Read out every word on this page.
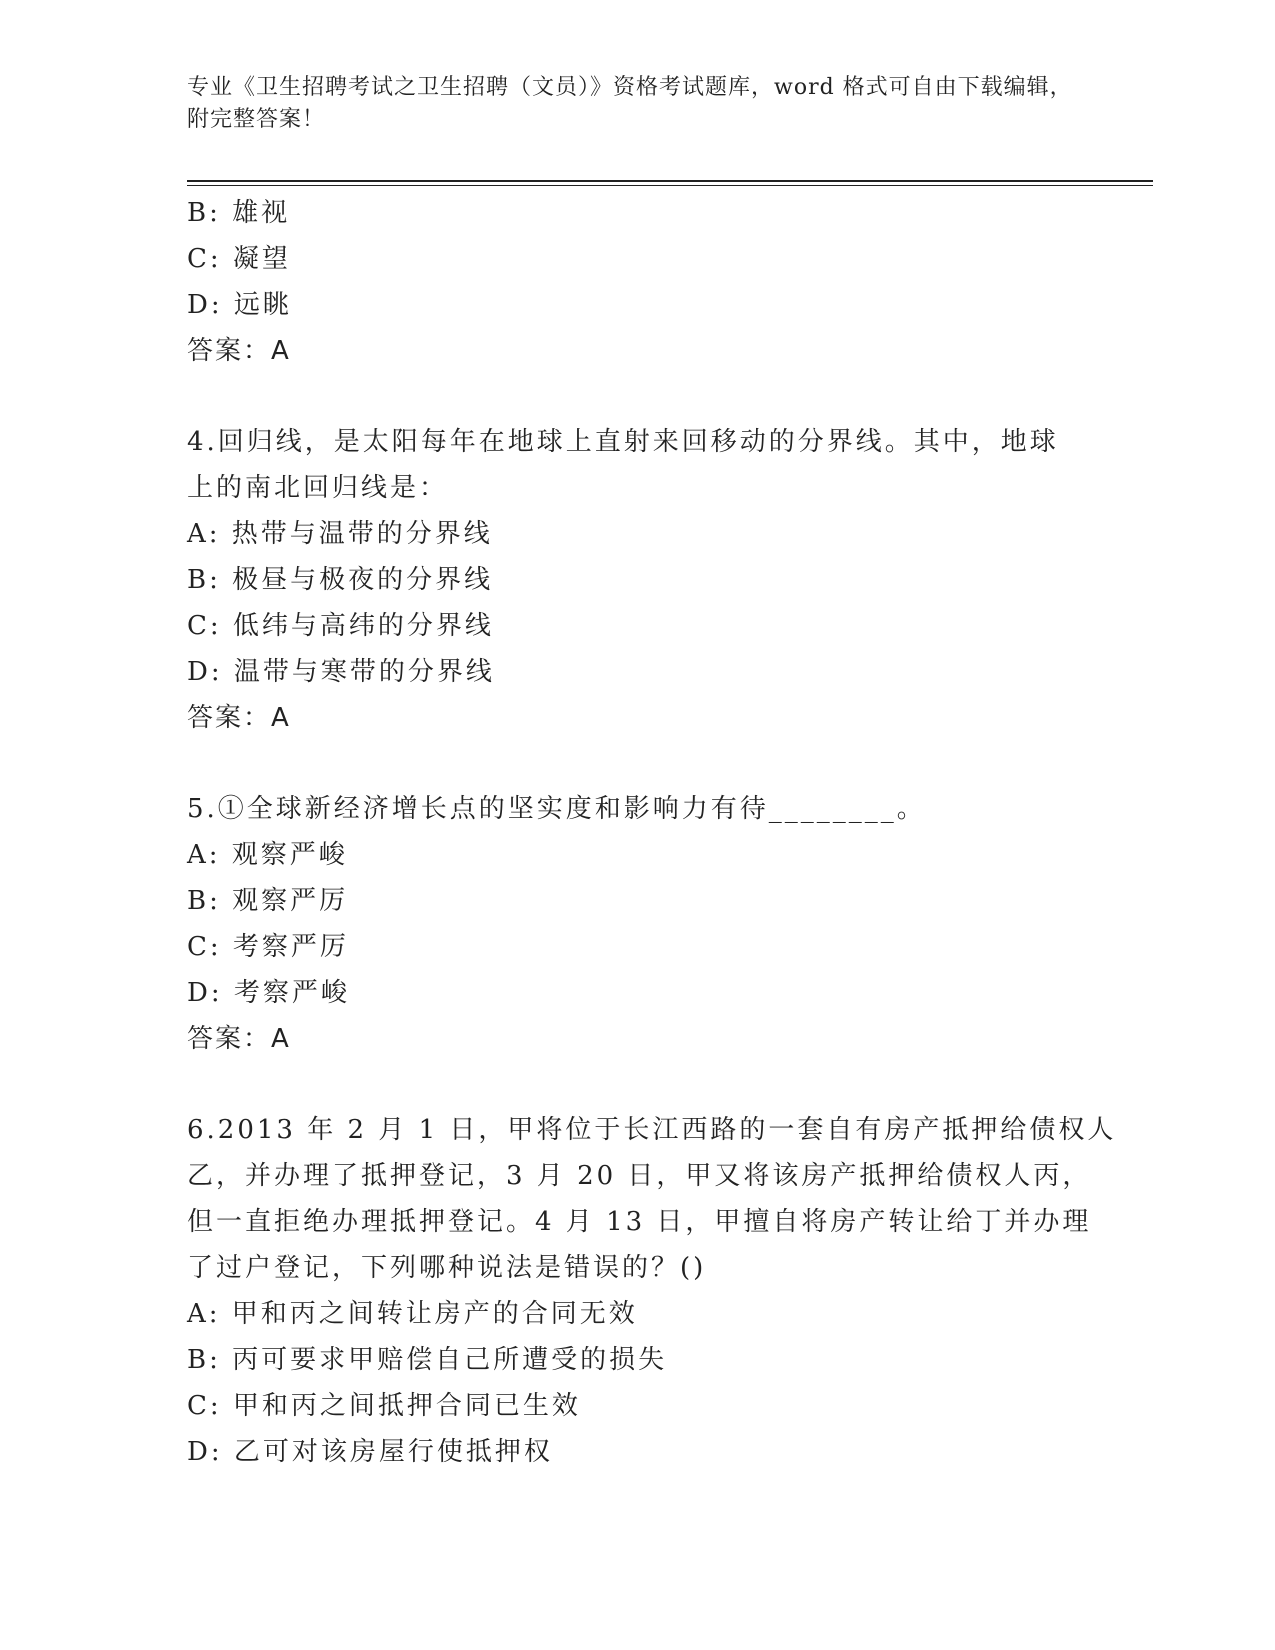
专业《卫生招聘考试之卫生招聘（文员）》资格考试题库，word 格式可自由下载编辑，附完整答案！
B: 雄视
C: 凝望
D: 远眺
答案：A
4.回归线，是太阳每年在地球上直射来回移动的分界线。其中，地球
上的南北回归线是：
A: 热带与温带的分界线
B: 极昼与极夜的分界线
C: 低纬与高纬的分界线
D: 温带与寒带的分界线
答案：A
5.①全球新经济增长点的坚实度和影响力有待________。
A: 观察严峻
B: 观察严厉
C: 考察严厉
D: 考察严峻
答案：A
6.2013 年 2 月 1 日，甲将位于长江西路的一套自有房产抵押给债权人
乙，并办理了抵押登记，3 月 20 日，甲又将该房产抵押给债权人丙，
但一直拒绝办理抵押登记。4 月 13 日，甲擅自将房产转让给丁并办理
了过户登记，下列哪种说法是错误的？()
A: 甲和丙之间转让房产的合同无效
B: 丙可要求甲赔偿自己所遭受的损失
C: 甲和丙之间抵押合同已生效
D: 乙可对该房屋行使抵押权
